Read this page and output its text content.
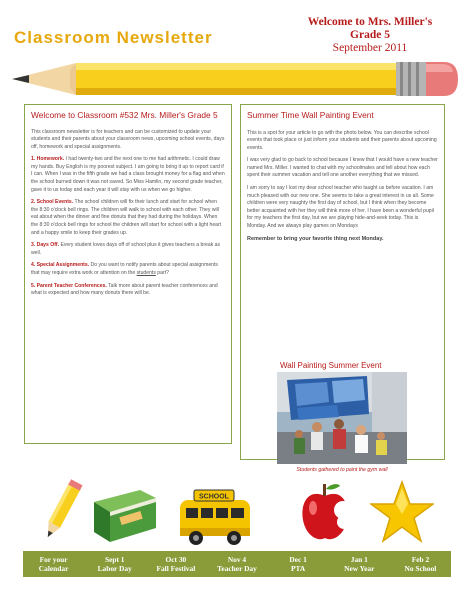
Classroom Newsletter
Welcome to Mrs. Miller's
Grade 5
September 2011
Welcome to Classroom #532 Mrs. Miller's Grade 5

This classroom newsletter is for teachers and can be customized to update your students and their parents about your classroom news, upcoming school events, days off, homework and special assignments.

1. Homework. I had twenty-two and the next one to me had arithmetic. I could draw my hands. Buy English is my poorest subject. I am going to bring it up to report card if I can. When I was in the fifth grade we had a class brought money for a flag and when the school burned down it was not saved. So Miss Hamlin, my second grade teacher, gave it to us today and each year it will stay with us when we go higher.

2. School Events. The school children will fix their lunch and start for school when the 8:30 o'clock bell rings. The children will walk to school with each other. They will eat about when the dinner and fine donuts that they had during the holidays. When the 8:30 o'clock bell rings for school the children will start for school with a light heart and a happy smile to keep their grades up.

3. Days Off. Every student loves days off of school plus it gives teachers a break as well.

4. Special Assignments. Do you want to notify parents about special assignments that may require extra work or attention on the students part?

5. Parent Teacher Conferences. Talk more about parent teacher conferences and what is expected and how many donuts there will be.

Summer Time Wall Painting Event

This is a spot for your article to go with the photo below. You can describe school events that took place or just inform your students and their parents about upcoming events.

I was very glad to go back to school because I knew that I would have a new teacher named Mrs. Miller. I wanted to chat with my schoolmates and tell about how each spent their summer vacation and tell one another everything that we missed.

I am sorry to say I lost my dear school teacher who taught us before vacation. I am much pleased with our new one. She seems to take a great interest in us all. Some children were very naughty the first day of school, but I think when they become better acquainted with her they will think more of her. I have been a wonderful pupil for my teachers the first day, but we are playing hide-and-seek today. This is Monday. And we always play games on Mondays

Remember to bring your favorite thing next Monday.

Wall Painting Summer Event
Students gathered to paint the gym wall
SCHOOL
For your
Calendar
Sept 1
Labor Day
Oct 30
Fall Festival
Nov 4
Teacher Day
Dec 1
PTA
Jan 1
New Year
Feb 2
No School
